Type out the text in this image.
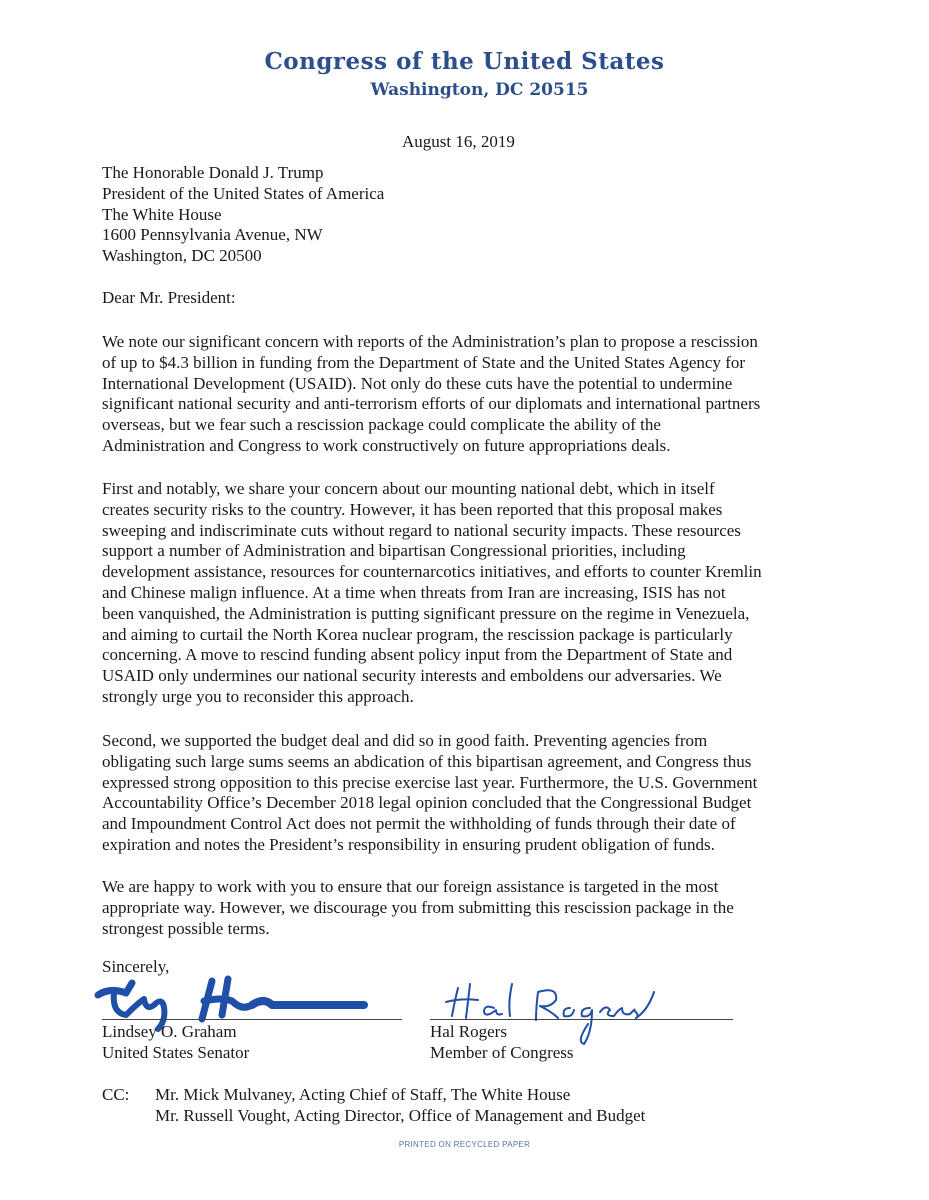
Congress of the United States
Washington, DC 20515
August 16, 2019
The Honorable Donald J. Trump
President of the United States of America
The White House
1600 Pennsylvania Avenue, NW
Washington, DC 20500
Dear Mr. President:
We note our significant concern with reports of the Administration’s plan to propose a rescission
of up to $4.3 billion in funding from the Department of State and the United States Agency for
International Development (USAID). Not only do these cuts have the potential to undermine
significant national security and anti-terrorism efforts of our diplomats and international partners
overseas, but we fear such a rescission package could complicate the ability of the
Administration and Congress to work constructively on future appropriations deals.
First and notably, we share your concern about our mounting national debt, which in itself
creates security risks to the country. However, it has been reported that this proposal makes
sweeping and indiscriminate cuts without regard to national security impacts. These resources
support a number of Administration and bipartisan Congressional priorities, including
development assistance, resources for counternarcotics initiatives, and efforts to counter Kremlin
and Chinese malign influence. At a time when threats from Iran are increasing, ISIS has not
been vanquished, the Administration is putting significant pressure on the regime in Venezuela,
and aiming to curtail the North Korea nuclear program, the rescission package is particularly
concerning. A move to rescind funding absent policy input from the Department of State and
USAID only undermines our national security interests and emboldens our adversaries. We
strongly urge you to reconsider this approach.
Second, we supported the budget deal and did so in good faith. Preventing agencies from
obligating such large sums seems an abdication of this bipartisan agreement, and Congress thus
expressed strong opposition to this precise exercise last year. Furthermore, the U.S. Government
Accountability Office’s December 2018 legal opinion concluded that the Congressional Budget
and Impoundment Control Act does not permit the withholding of funds through their date of
expiration and notes the President’s responsibility in ensuring prudent obligation of funds.
We are happy to work with you to ensure that our foreign assistance is targeted in the most
appropriate way. However, we discourage you from submitting this rescission package in the
strongest possible terms.
Sincerely,
Lindsey O. Graham
United States Senator
Hal Rogers
Member of Congress
CC: Mr. Mick Mulvaney, Acting Chief of Staff, The White House
Mr. Russell Vought, Acting Director, Office of Management and Budget
PRINTED ON RECYCLED PAPER
